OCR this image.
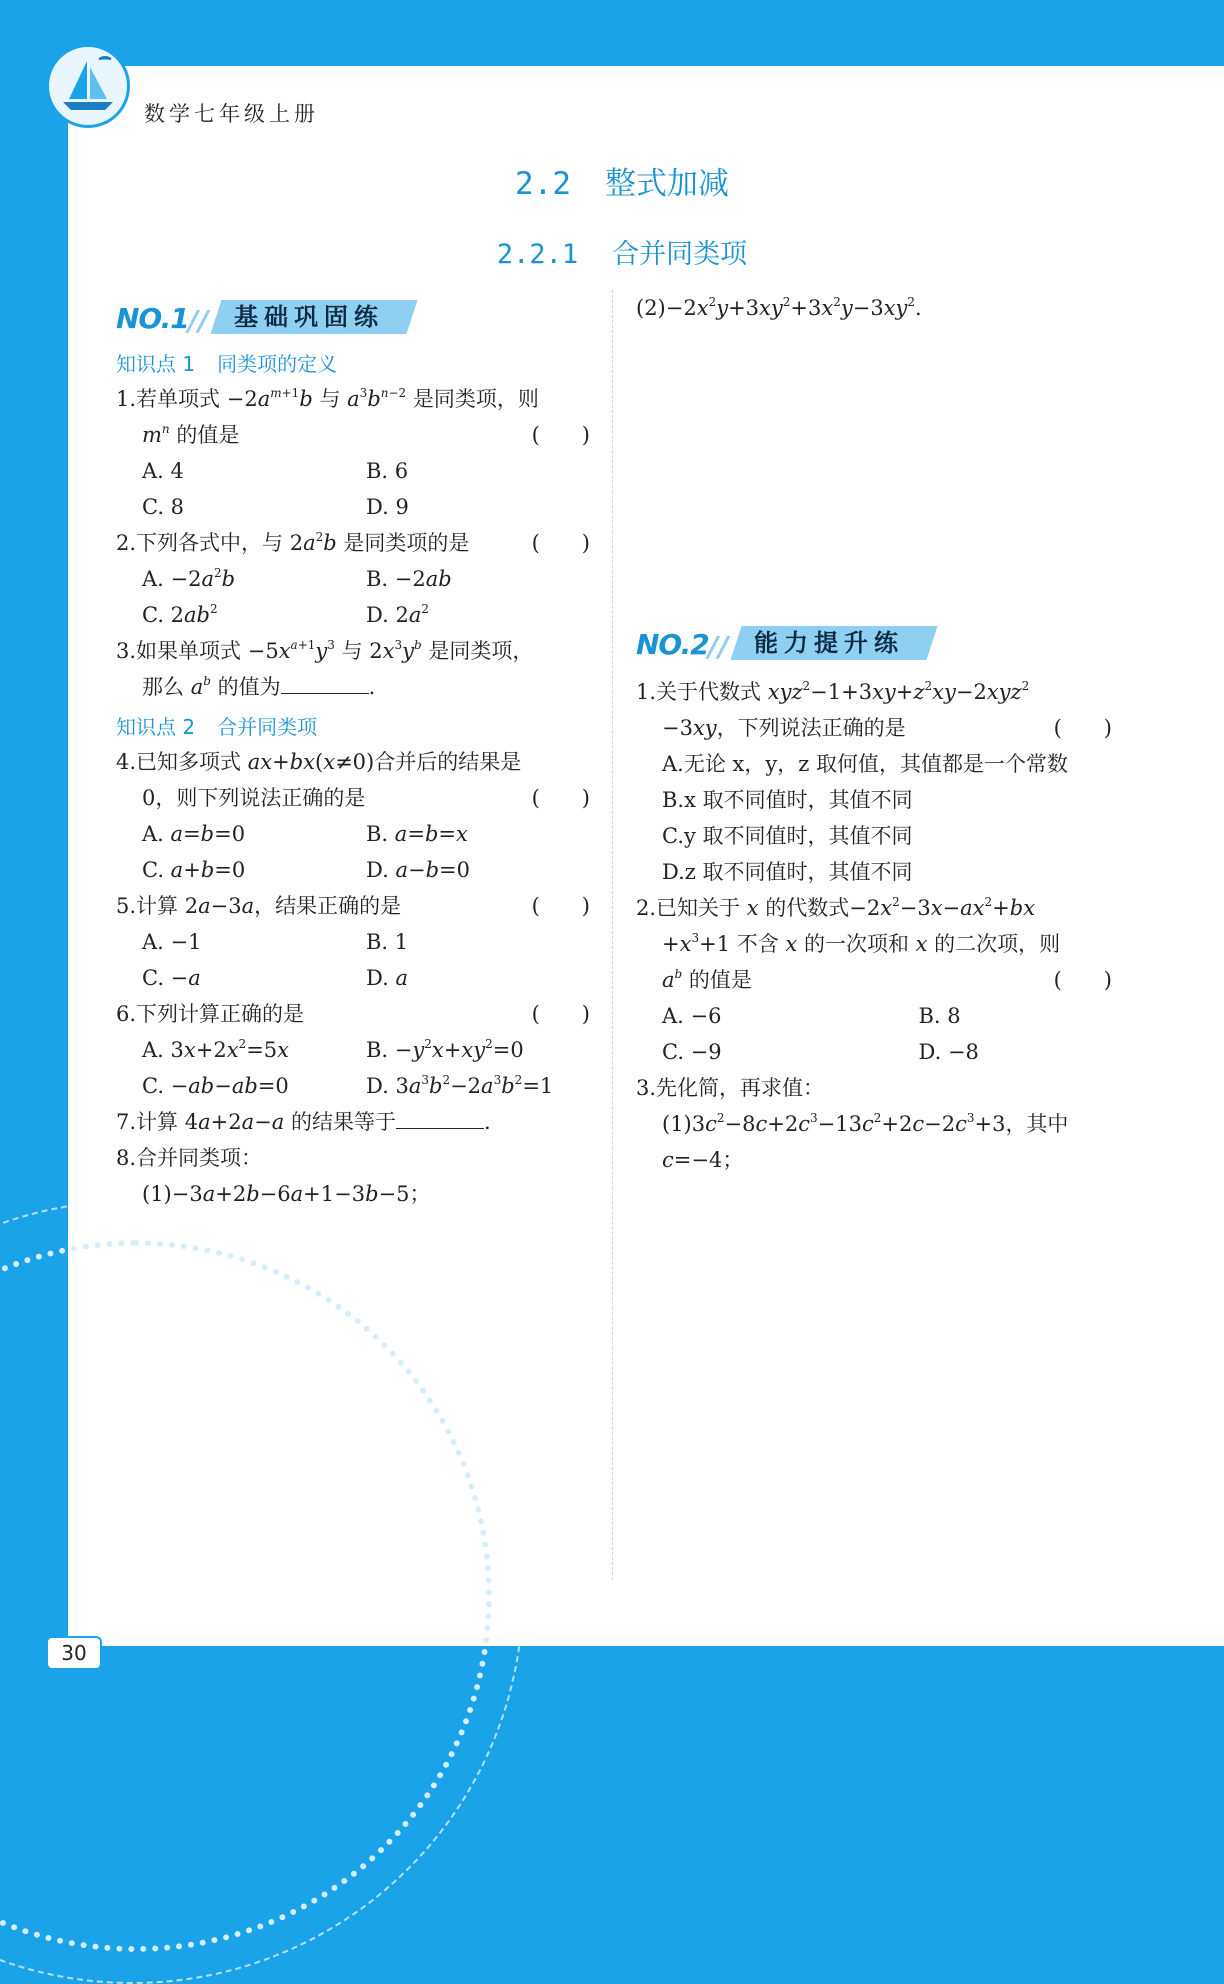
数学七年级上册
2.2 整式加减
2.2.1 合并同类项
NO.1 //	基础巩固练
知识点 1 同类项的定义
1.若单项式 $-2a^{m+1}b$ 与 $a^3b^{n-2}$ 是同类项，则
$m^n$ 的值是	(　　)
A. 4	B. 6
C. 8	D. 9
2.下列各式中，与 $2a^2b$ 是同类项的是	(　　)
A. $-2a^2b$	B. −2ab
C. $2ab^2$	D. $2a^2$
3.如果单项式 $-5x^{a+1}y^3$ 与 $2x^3y^b$ 是同类项，
那么 $a^b$ 的值为	.
知识点 2 合并同类项
4.已知多项式 ax+bx(x≠0)合并后的结果是
0，则下列说法正确的是	(　　)
A. a=b=0	B. a=b=x
C. a+b=0	D. a−b=0
5.计算 2a−3a，结果正确的是	(　　)
A. −1	B. 1
C. −a	D. a
6.下列计算正确的是	(　　)
A. $3x+2x^2=5x$	B. $-y^2x+xy^2=0$
C. −ab−ab=0	D. $3a^3b^2-2a^3b^2=1$
7.计算 4a+2a−a 的结果等于	.
8.合并同类项：
(1)−3a+2b−6a+1−3b−5；
$(2)-2x^2y+3xy^2+3x^2y-3xy^2$.
NO.2 //	能力提升练
1.关于代数式 $xyz^2-1+3xy+z^2xy-2xyz^2$
−3xy，下列说法正确的是	(　　)
A.无论 x，y，z 取何值，其值都是一个常数
B.x 取不同值时，其值不同
C.y 取不同值时，其值不同
D.z 取不同值时，其值不同
2.已知关于 x 的代数式$-2x^2-3x-ax^2+bx$
$+x^3+1$ 不含 x 的一次项和 x 的二次项，则
$a^b$ 的值是	(　　)
A. −6	B. 8
C. −9	D. −8
3.先化简，再求值：
$(1)3c^2-8c+2c^3-13c^2+2c-2c^3+3$，其中
c=−4；
30
